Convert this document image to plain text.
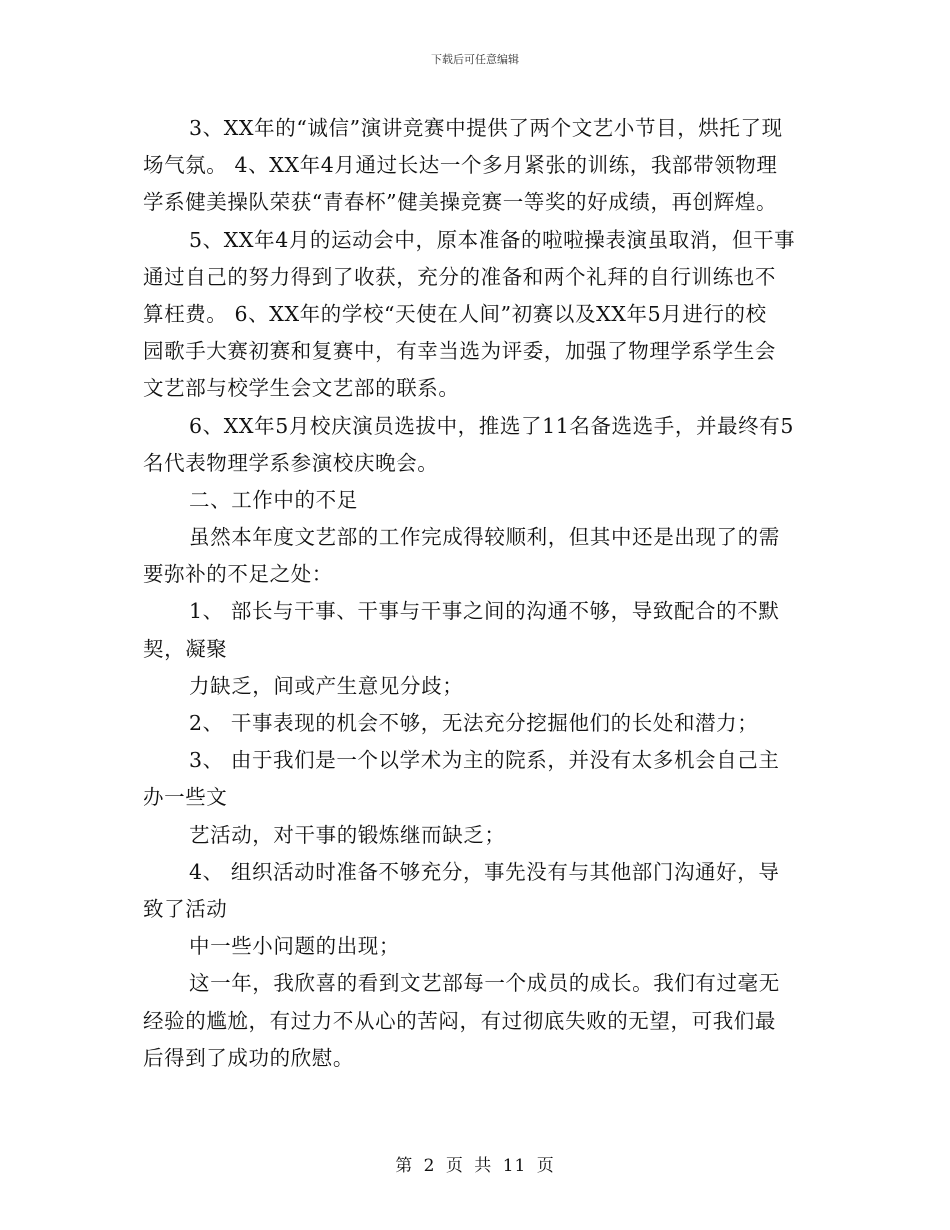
下载后可任意编辑
3、XX年的“诚信”演讲竞赛中提供了两个文艺小节目，烘托了现
场气氛。 4、XX年4月通过长达一个多月紧张的训练，我部带领物理
学系健美操队荣获“青春杯”健美操竞赛一等奖的好成绩，再创辉煌。
5、XX年4月的运动会中，原本准备的啦啦操表演虽取消，但干事
通过自己的努力得到了收获，充分的准备和两个礼拜的自行训练也不
算枉费。 6、XX年的学校“天使在人间”初赛以及XX年5月进行的校
园歌手大赛初赛和复赛中，有幸当选为评委，加强了物理学系学生会
文艺部与校学生会文艺部的联系。
6、XX年5月校庆演员选拔中，推选了11名备选选手，并最终有5
名代表物理学系参演校庆晚会。
二、工作中的不足
虽然本年度文艺部的工作完成得较顺利，但其中还是出现了的需
要弥补的不足之处：
1、 部长与干事、干事与干事之间的沟通不够，导致配合的不默
契，凝聚
力缺乏，间或产生意见分歧；
2、 干事表现的机会不够，无法充分挖掘他们的长处和潜力；
3、 由于我们是一个以学术为主的院系，并没有太多机会自己主
办一些文
艺活动，对干事的锻炼继而缺乏；
4、 组织活动时准备不够充分，事先没有与其他部门沟通好，导
致了活动
中一些小问题的出现；
这一年，我欣喜的看到文艺部每一个成员的成长。我们有过毫无
经验的尴尬，有过力不从心的苦闷，有过彻底失败的无望，可我们最
后得到了成功的欣慰。
第 2 页 共 11 页
